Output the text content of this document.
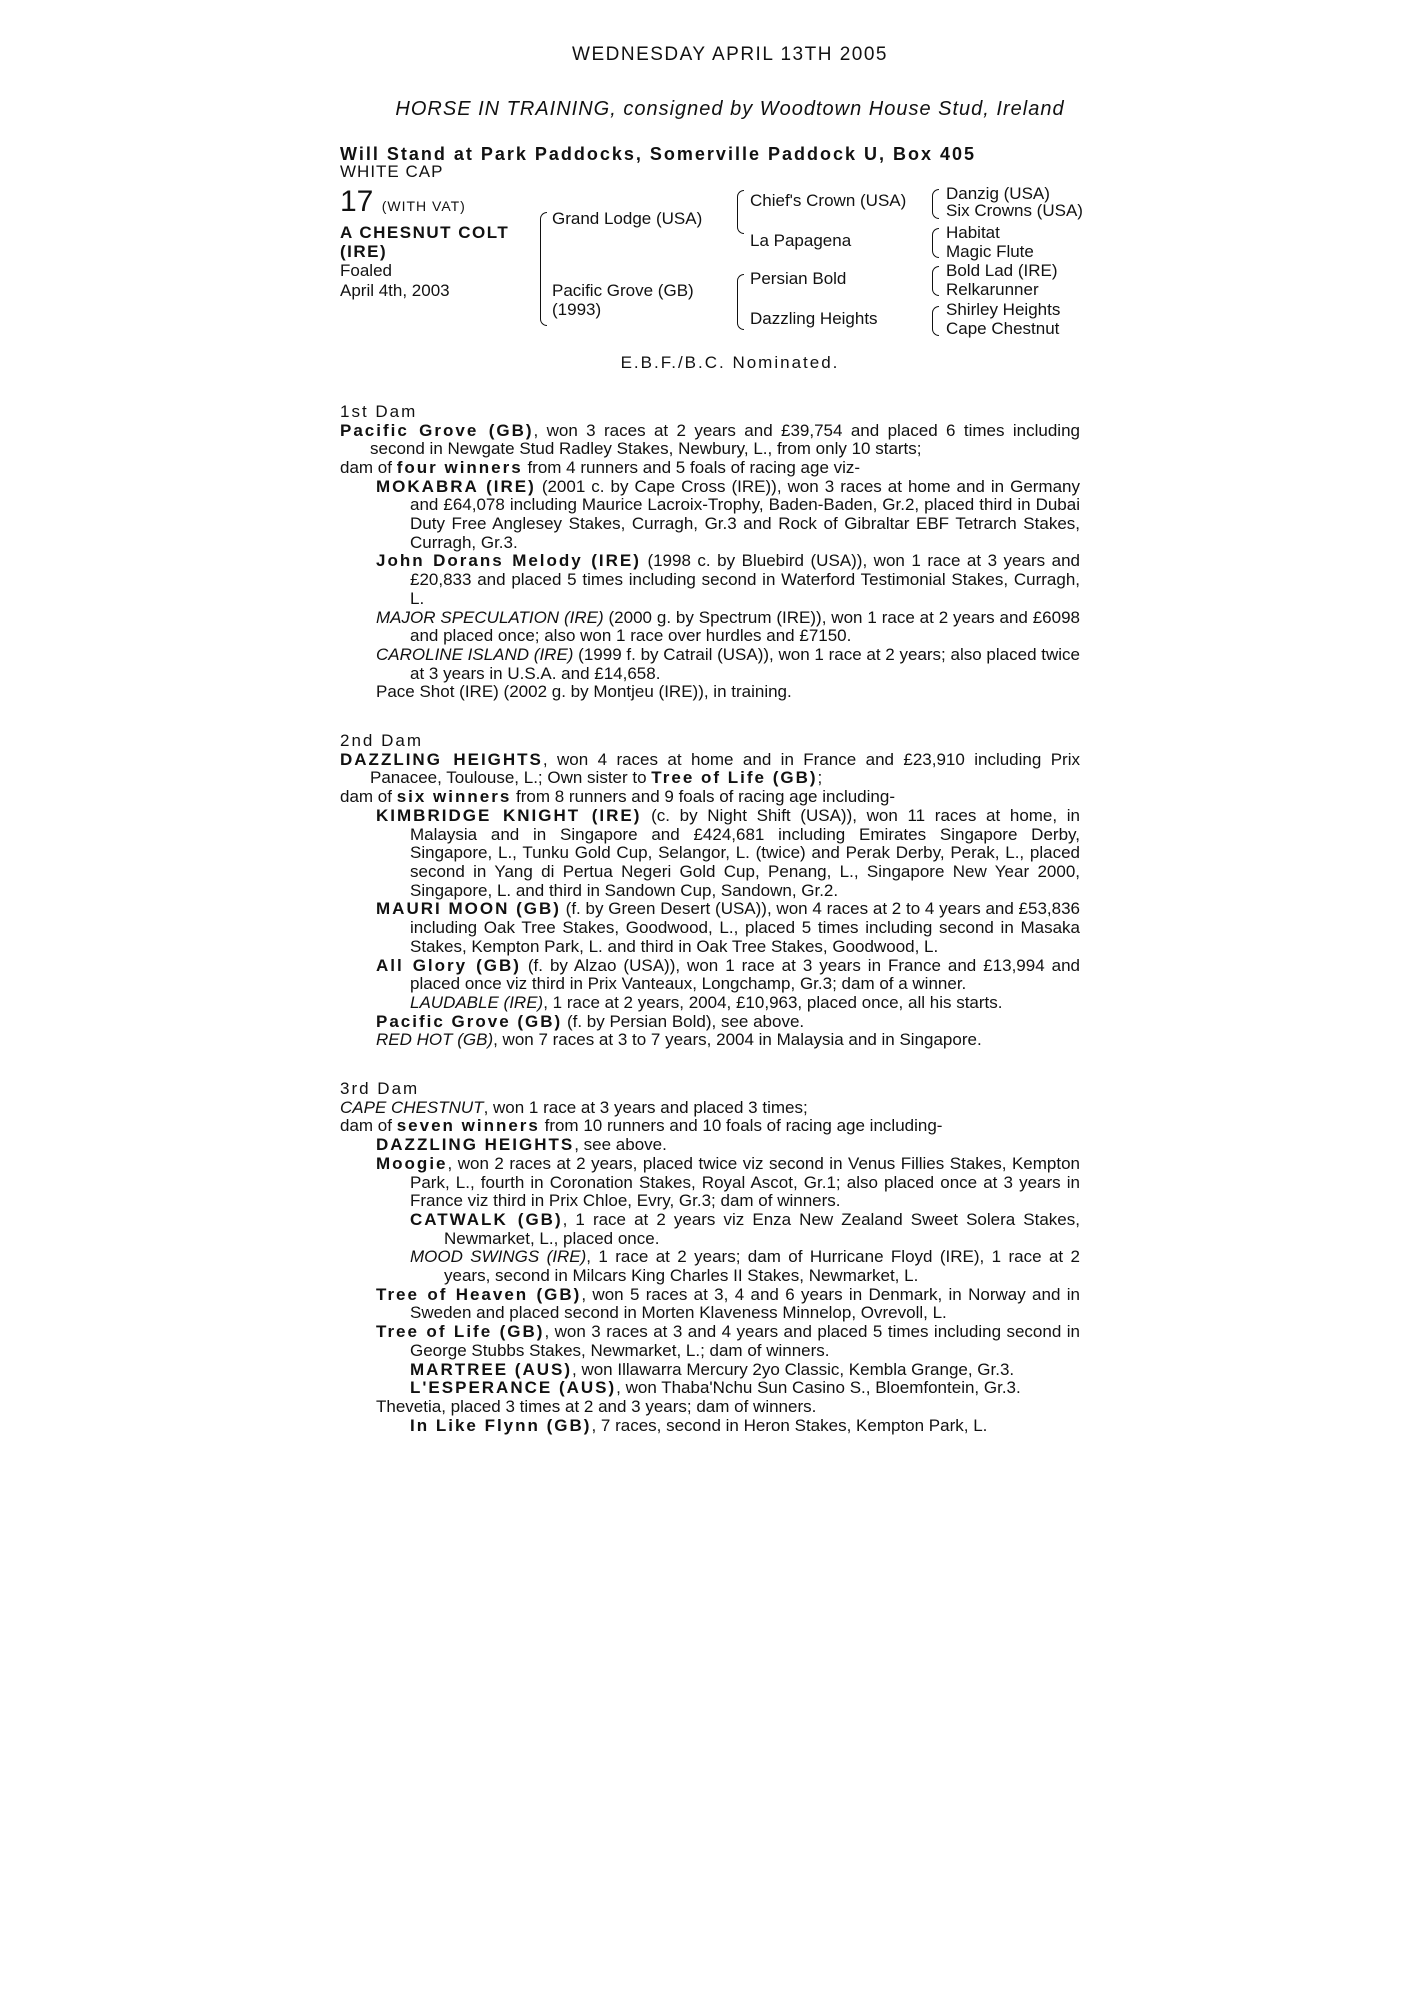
WEDNESDAY APRIL 13TH 2005
HORSE IN TRAINING, consigned by Woodtown House Stud, Ireland
Will Stand at Park Paddocks, Somerville Paddock U, Box 405
WHITE CAP
17 (WITH VAT)
A CHESNUT COLT (IRE)
Foaled
April 4th, 2003
Grand Lodge (USA)
Pacific Grove (GB) (1993)
Chief's Crown (USA)
La Papagena
Persian Bold
Dazzling Heights
Danzig (USA)
Six Crowns (USA)
Habitat
Magic Flute
Bold Lad (IRE)
Relkarunner
Shirley Heights
Cape Chestnut
E.B.F./B.C. Nominated.
1st Dam

Pacific Grove (GB), won 3 races at 2 years and £39,754 and placed 6 times including second in Newgate Stud Radley Stakes, Newbury, L., from only 10 starts;

dam of four winners from 4 runners and 5 foals of racing age viz-

MOKABRA (IRE) (2001 c. by Cape Cross (IRE)), won 3 races at home and in Germany and £64,078 including Maurice Lacroix-Trophy, Baden-Baden, Gr.2, placed third in Dubai Duty Free Anglesey Stakes, Curragh, Gr.3 and Rock of Gibraltar EBF Tetrarch Stakes, Curragh, Gr.3.

John Dorans Melody (IRE) (1998 c. by Bluebird (USA)), won 1 race at 3 years and £20,833 and placed 5 times including second in Waterford Testimonial Stakes, Curragh, L.

MAJOR SPECULATION (IRE) (2000 g. by Spectrum (IRE)), won 1 race at 2 years and £6098 and placed once; also won 1 race over hurdles and £7150.

CAROLINE ISLAND (IRE) (1999 f. by Catrail (USA)), won 1 race at 2 years; also placed twice at 3 years in U.S.A. and £14,658.

Pace Shot (IRE) (2002 g. by Montjeu (IRE)), in training.

2nd Dam

DAZZLING HEIGHTS, won 4 races at home and in France and £23,910 including Prix Panacee, Toulouse, L.; Own sister to Tree of Life (GB);

dam of six winners from 8 runners and 9 foals of racing age including-

KIMBRIDGE KNIGHT (IRE) (c. by Night Shift (USA)), won 11 races at home, in Malaysia and in Singapore and £424,681 including Emirates Singapore Derby, Singapore, L., Tunku Gold Cup, Selangor, L. (twice) and Perak Derby, Perak, L., placed second in Yang di Pertua Negeri Gold Cup, Penang, L., Singapore New Year 2000, Singapore, L. and third in Sandown Cup, Sandown, Gr.2.

MAURI MOON (GB) (f. by Green Desert (USA)), won 4 races at 2 to 4 years and £53,836 including Oak Tree Stakes, Goodwood, L., placed 5 times including second in Masaka Stakes, Kempton Park, L. and third in Oak Tree Stakes, Goodwood, L.

All Glory (GB) (f. by Alzao (USA)), won 1 race at 3 years in France and £13,994 and placed once viz third in Prix Vanteaux, Longchamp, Gr.3; dam of a winner.

LAUDABLE (IRE), 1 race at 2 years, 2004, £10,963, placed once, all his starts.

Pacific Grove (GB) (f. by Persian Bold), see above.

RED HOT (GB), won 7 races at 3 to 7 years, 2004 in Malaysia and in Singapore.

3rd Dam

CAPE CHESTNUT, won 1 race at 3 years and placed 3 times;

dam of seven winners from 10 runners and 10 foals of racing age including-

DAZZLING HEIGHTS, see above.

Moogie, won 2 races at 2 years, placed twice viz second in Venus Fillies Stakes, Kempton Park, L., fourth in Coronation Stakes, Royal Ascot, Gr.1; also placed once at 3 years in France viz third in Prix Chloe, Evry, Gr.3; dam of winners.

CATWALK (GB), 1 race at 2 years viz Enza New Zealand Sweet Solera Stakes, Newmarket, L., placed once.

MOOD SWINGS (IRE), 1 race at 2 years; dam of Hurricane Floyd (IRE), 1 race at 2 years, second in Milcars King Charles II Stakes, Newmarket, L.

Tree of Heaven (GB), won 5 races at 3, 4 and 6 years in Denmark, in Norway and in Sweden and placed second in Morten Klaveness Minnelop, Ovrevoll, L.

Tree of Life (GB), won 3 races at 3 and 4 years and placed 5 times including second in George Stubbs Stakes, Newmarket, L.; dam of winners.

MARTREE (AUS), won Illawarra Mercury 2yo Classic, Kembla Grange, Gr.3.

L'ESPERANCE (AUS), won Thaba'Nchu Sun Casino S., Bloemfontein, Gr.3.

Thevetia, placed 3 times at 2 and 3 years; dam of winners.

In Like Flynn (GB), 7 races, second in Heron Stakes, Kempton Park, L.
